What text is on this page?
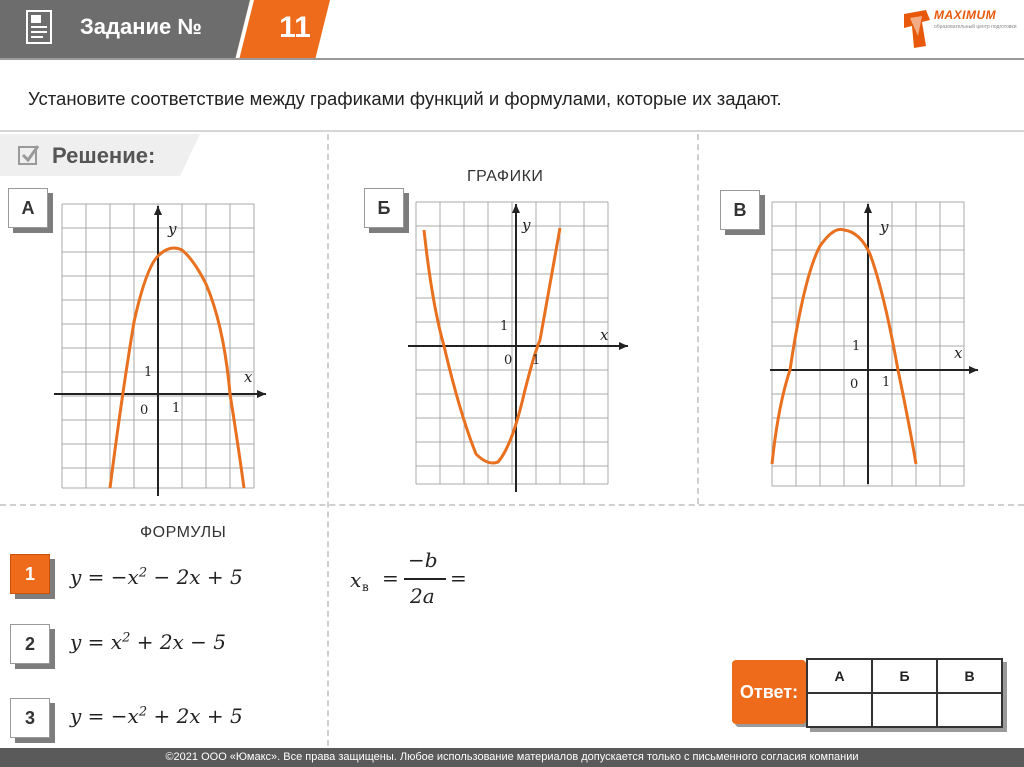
Задание №	11	MAXIMUM
образовательный центр подготовки
Установите соответствие между графиками функций и формулами, которые их задают.
Решение:
ГРАФИКИ
ФОРМУЛЫ
А
y
x
1
1
0
Б
y
x
1
1
0
В
y
x
1
1
0
1	$y = -x^2 - 2x + 5$
2	$y = x^2 + 2x - 5$
3	$y = -x^2 + 2x + 5$
x в =
−b
2a
=
Ответ:
А	Б	В

©2021 ООО «Юмакс». Все права защищены. Любое использование материалов допускается только с письменного согласия компании
